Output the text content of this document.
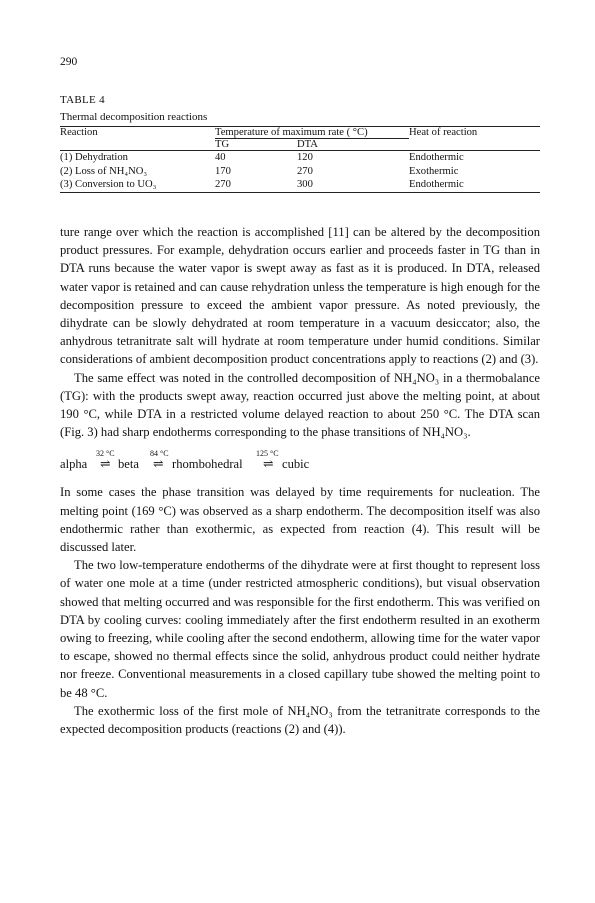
290
TABLE 4
Thermal decomposition reactions
Reaction	Temperature of maximum rate ( °C)		Heat of reaction
	TG	DTA	
(1) Dehydration	40	120	Endothermic
(2) Loss of NH₄NO₃	170	270	Exothermic
(3) Conversion to UO₃	270	300	Endothermic

ture range over which the reaction is accomplished [11] can be altered by the decomposition product pressures. For example, dehydration occurs earlier and proceeds faster in TG than in DTA runs because the water vapor is swept away as fast as it is produced. In DTA, released water vapor is retained and can cause rehydration unless the temperature is high enough for the decomposition pressure to exceed the ambient vapor pressure. As noted previously, the dihydrate can be slowly dehydrated at room temperature in a vacuum desiccator; also, the anhydrous tetranitrate salt will hydrate at room temperature under humid conditions. Similar considerations of ambient decomposition product concentrations apply to reactions (2) and (3).

The same effect was noted in the controlled decomposition of NH₄NO₃ in a thermobalance (TG): with the products swept away, reaction occurred just above the melting point, at about 190 °C, while DTA in a restricted volume delayed reaction to about 250 °C. The DTA scan (Fig. 3) had sharp endotherms corresponding to the phase transitions of NH₄NO₃.

alpha
32 °C
⇌ beta
84 °C
⇌ rhombohedral
125 °C
⇌ cubic

In some cases the phase transition was delayed by time requirements for nucleation. The melting point (169 °C) was observed as a sharp endotherm. The decomposition itself was also endothermic rather than exothermic, as expected from reaction (4). This result will be discussed later.

The two low-temperature endotherms of the dihydrate were at first thought to represent loss of water one mole at a time (under restricted atmospheric conditions), but visual observation showed that melting occurred and was responsible for the first endotherm. This was verified on DTA by cooling curves: cooling immediately after the first endotherm resulted in an exotherm owing to freezing, while cooling after the second endotherm, allowing time for the water vapor to escape, showed no thermal effects since the solid, anhydrous product could neither hydrate nor freeze. Conventional measurements in a closed capillary tube showed the melting point to be 48 °C.

The exothermic loss of the first mole of NH₄NO₃ from the tetranitrate corresponds to the expected decomposition products (reactions (2) and (4)).
